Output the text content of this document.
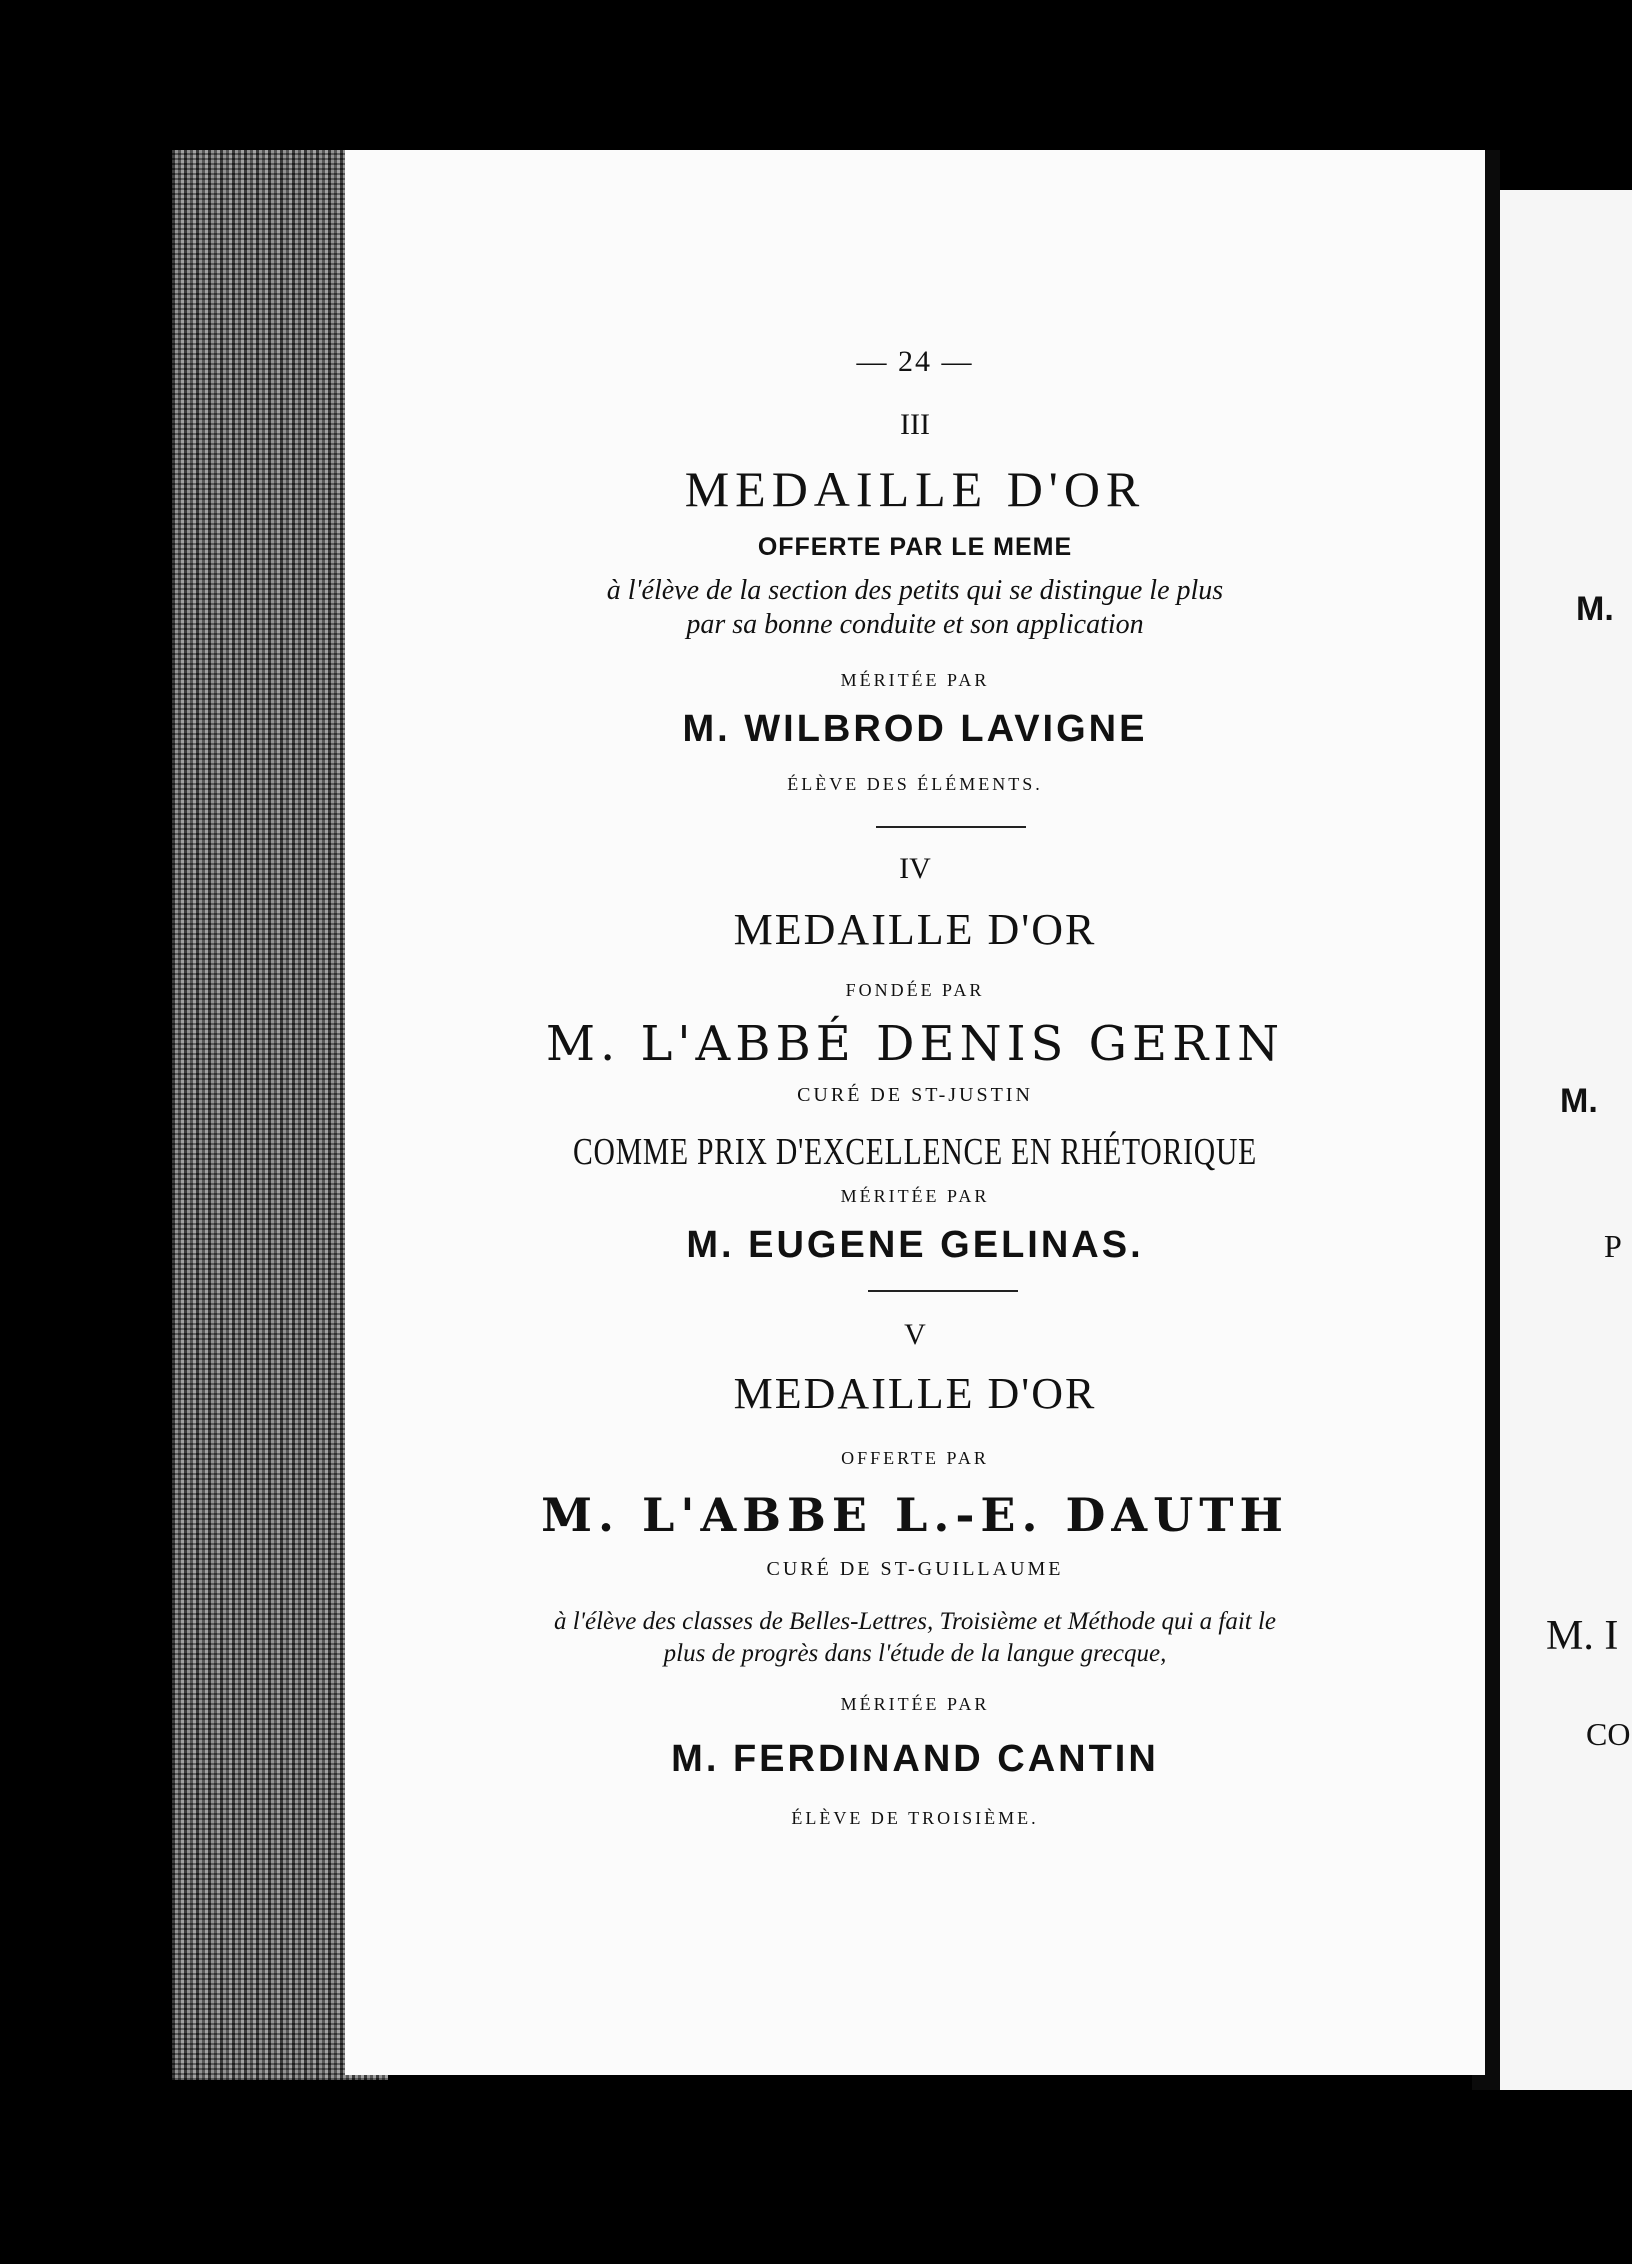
— 24 —
III
MEDAILLE D'OR
OFFERTE PAR LE MEME
à l'élève de la section des petits qui se distingue le plus
par sa bonne conduite et son application
MÉRITÉE PAR
M. WILBROD LAVIGNE
ÉLÈVE DES ÉLÉMENTS.
IV
MEDAILLE D'OR
FONDÉE PAR
M. L'ABBÉ DENIS GERIN
CURÉ DE ST-JUSTIN
COMME PRIX D'EXCELLENCE EN RHÉTORIQUE
MÉRITÉE PAR
M. EUGENE GELINAS.
V
MEDAILLE D'OR
OFFERTE PAR
M. L'ABBE L.-E. DAUTH
CURÉ DE ST-GUILLAUME
à l'élève des classes de Belles-Lettres, Troisième et Méthode qui a fait le
plus de progrès dans l'étude de la langue grecque,
MÉRITÉE PAR
M. FERDINAND CANTIN
ÉLÈVE DE TROISIÈME.
M.
M.
P
M. I
CO
